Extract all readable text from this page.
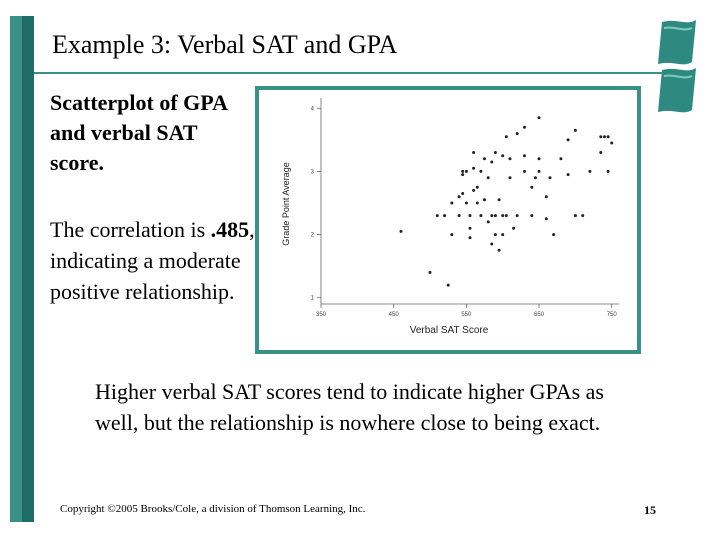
Example 3: Verbal SAT and GPA
Scatterplot of GPA and verbal SAT score.
The correlation is .485, indicating a moderate positive relationship.	1
2
3
4
350	450	550	650	750
Verbal SAT Score
Grade Point Average
Higher verbal SAT scores tend to indicate higher GPAs as well, but the relationship is nowhere close to being exact.
Copyright ©2005 Brooks/Cole, a division of Thomson Learning, Inc.	15
